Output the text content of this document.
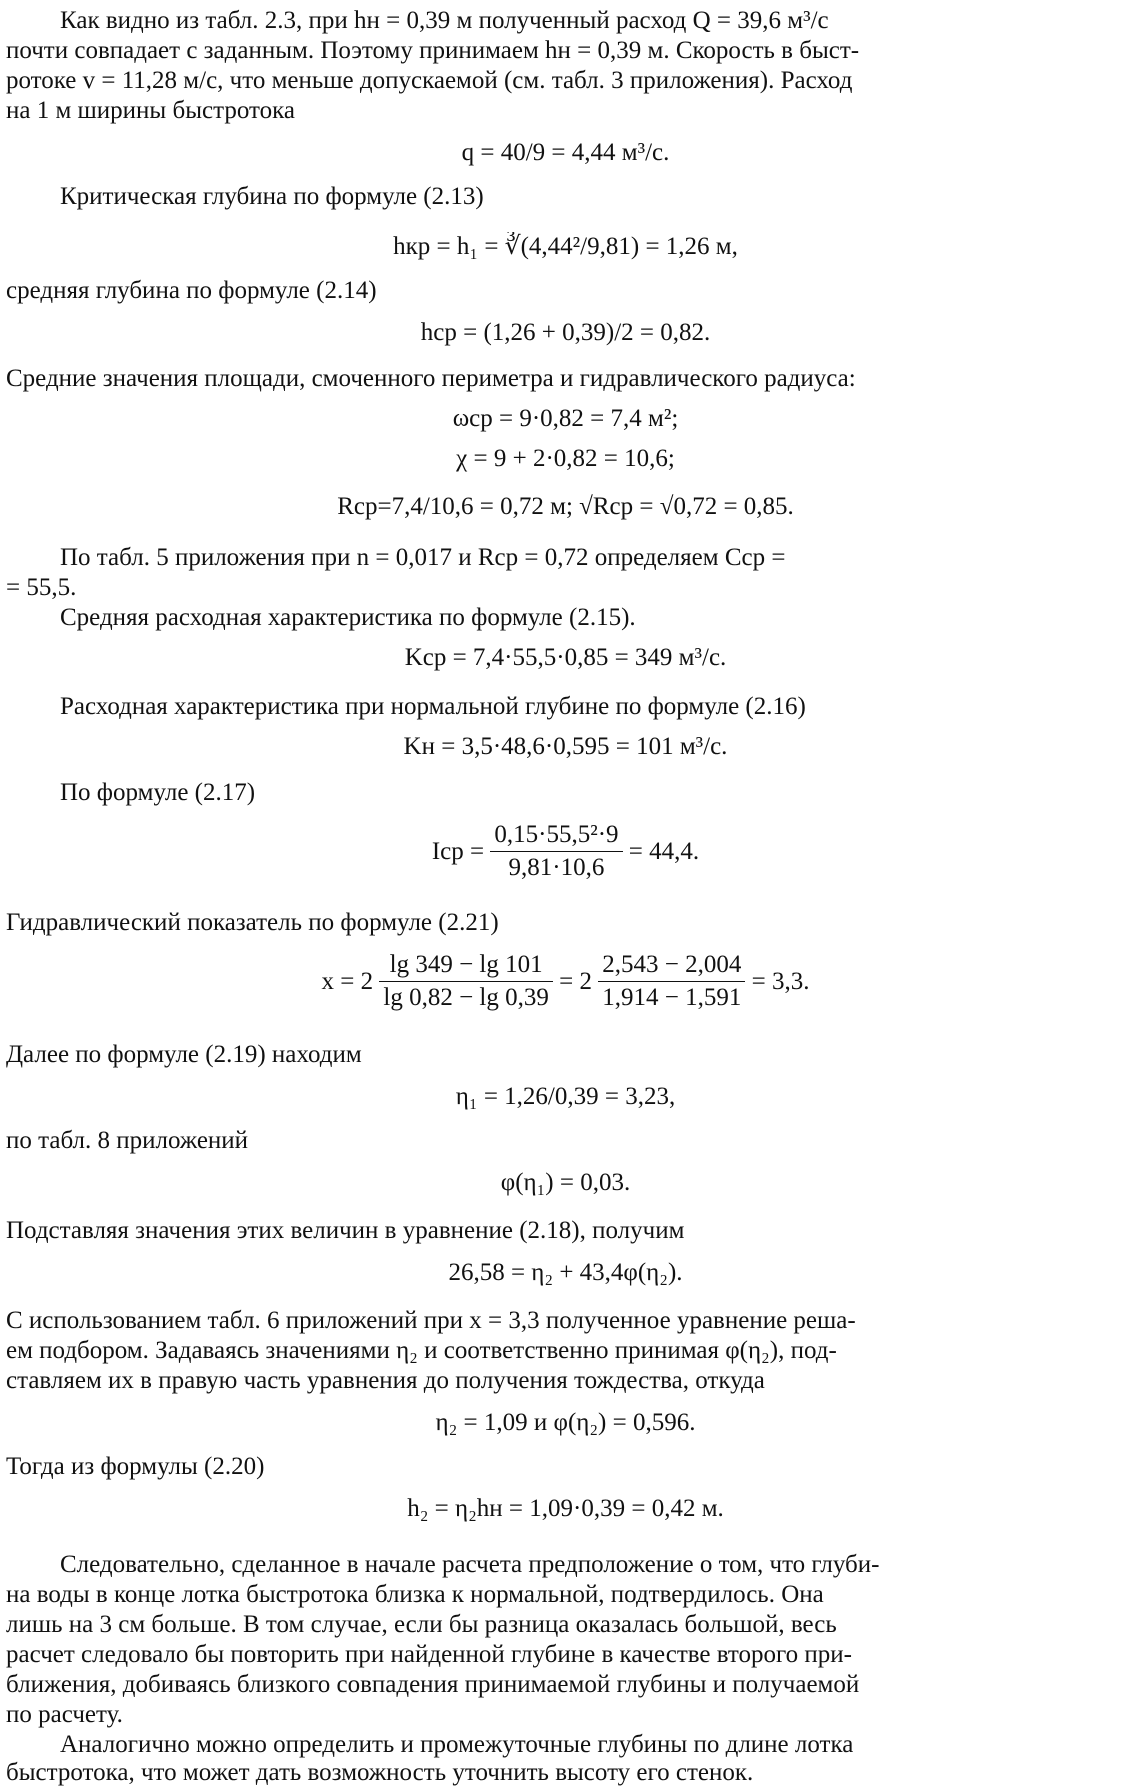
Как видно из табл. 2.3, при hн = 0,39 м полученный расход Q = 39,6 м³/с

почти совпадает с заданным. Поэтому принимаем hн = 0,39 м. Скорость в быст-

ротоке v = 11,28 м/с, что меньше допускаемой (см. табл. 3 приложения). Расход

на 1 м ширины быстротока

q = 40/9 = 4,44 м³/с.

Критическая глубина по формуле (2.13)

hкр = h₁ = ∛(4,44²/9,81) = 1,26 м,

средняя глубина по формуле (2.14)

hср = (1,26 + 0,39)/2 = 0,82.

Средние значения площади, смоченного периметра и гидравлического радиуса:

ωср = 9·0,82 = 7,4 м²;

χ = 9 + 2·0,82 = 10,6;

Rср=7,4/10,6 = 0,72 м; √Rср = √0,72 = 0,85.

По табл. 5 приложения при n = 0,017 и Rср = 0,72 определяем Cср =

= 55,5.

Средняя расходная характеристика по формуле (2.15).

Kср = 7,4·55,5·0,85 = 349 м³/с.

Расходная характеристика при нормальной глубине по формуле (2.16)

Kн = 3,5·48,6·0,595 = 101 м³/с.

По формуле (2.17)

Iср = $\frac{\text{0,15·55,5²·9}}{9,81\cdot 10,6} = 44,4$.

Гидравлический показатель по формуле (2.21)

$x = 2 \frac{\lg 349 - \lg 101}{\lg 0,82 - \lg 0,39} = 2 \frac{2,543 - 2,004}{1,914 - 1,591} = 3,3$.

Далее по формуле (2.19) находим

η₁ = 1,26/0,39 = 3,23,

по табл. 8 приложений

φ(η₁) = 0,03.

Подставляя значения этих величин в уравнение (2.18), получим

26,58 = η₂ + 43,4φ(η₂).

С использованием табл. 6 приложений при x = 3,3 полученное уравнение реша-

ем подбором. Задаваясь значениями η₂ и соответственно принимая φ(η₂), под-

ставляем их в правую часть уравнения до получения тождества, откуда

η₂ = 1,09 и φ(η₂) = 0,596.

Тогда из формулы (2.20)

h₂ = η₂hн = 1,09·0,39 = 0,42 м.

Следовательно, сделанное в начале расчета предположение о том, что глуби-

на воды в конце лотка быстротока близка к нормальной, подтвердилось. Она

лишь на 3 см больше. В том случае, если бы разница оказалась большой, весь

расчет следовало бы повторить при найденной глубине в качестве второго при-

ближения, добиваясь близкого совпадения принимаемой глубины и получаемой

по расчету.

Аналогично можно определить и промежуточные глубины по длине лотка

быстротока, что может дать возможность уточнить высоту его стенок.
